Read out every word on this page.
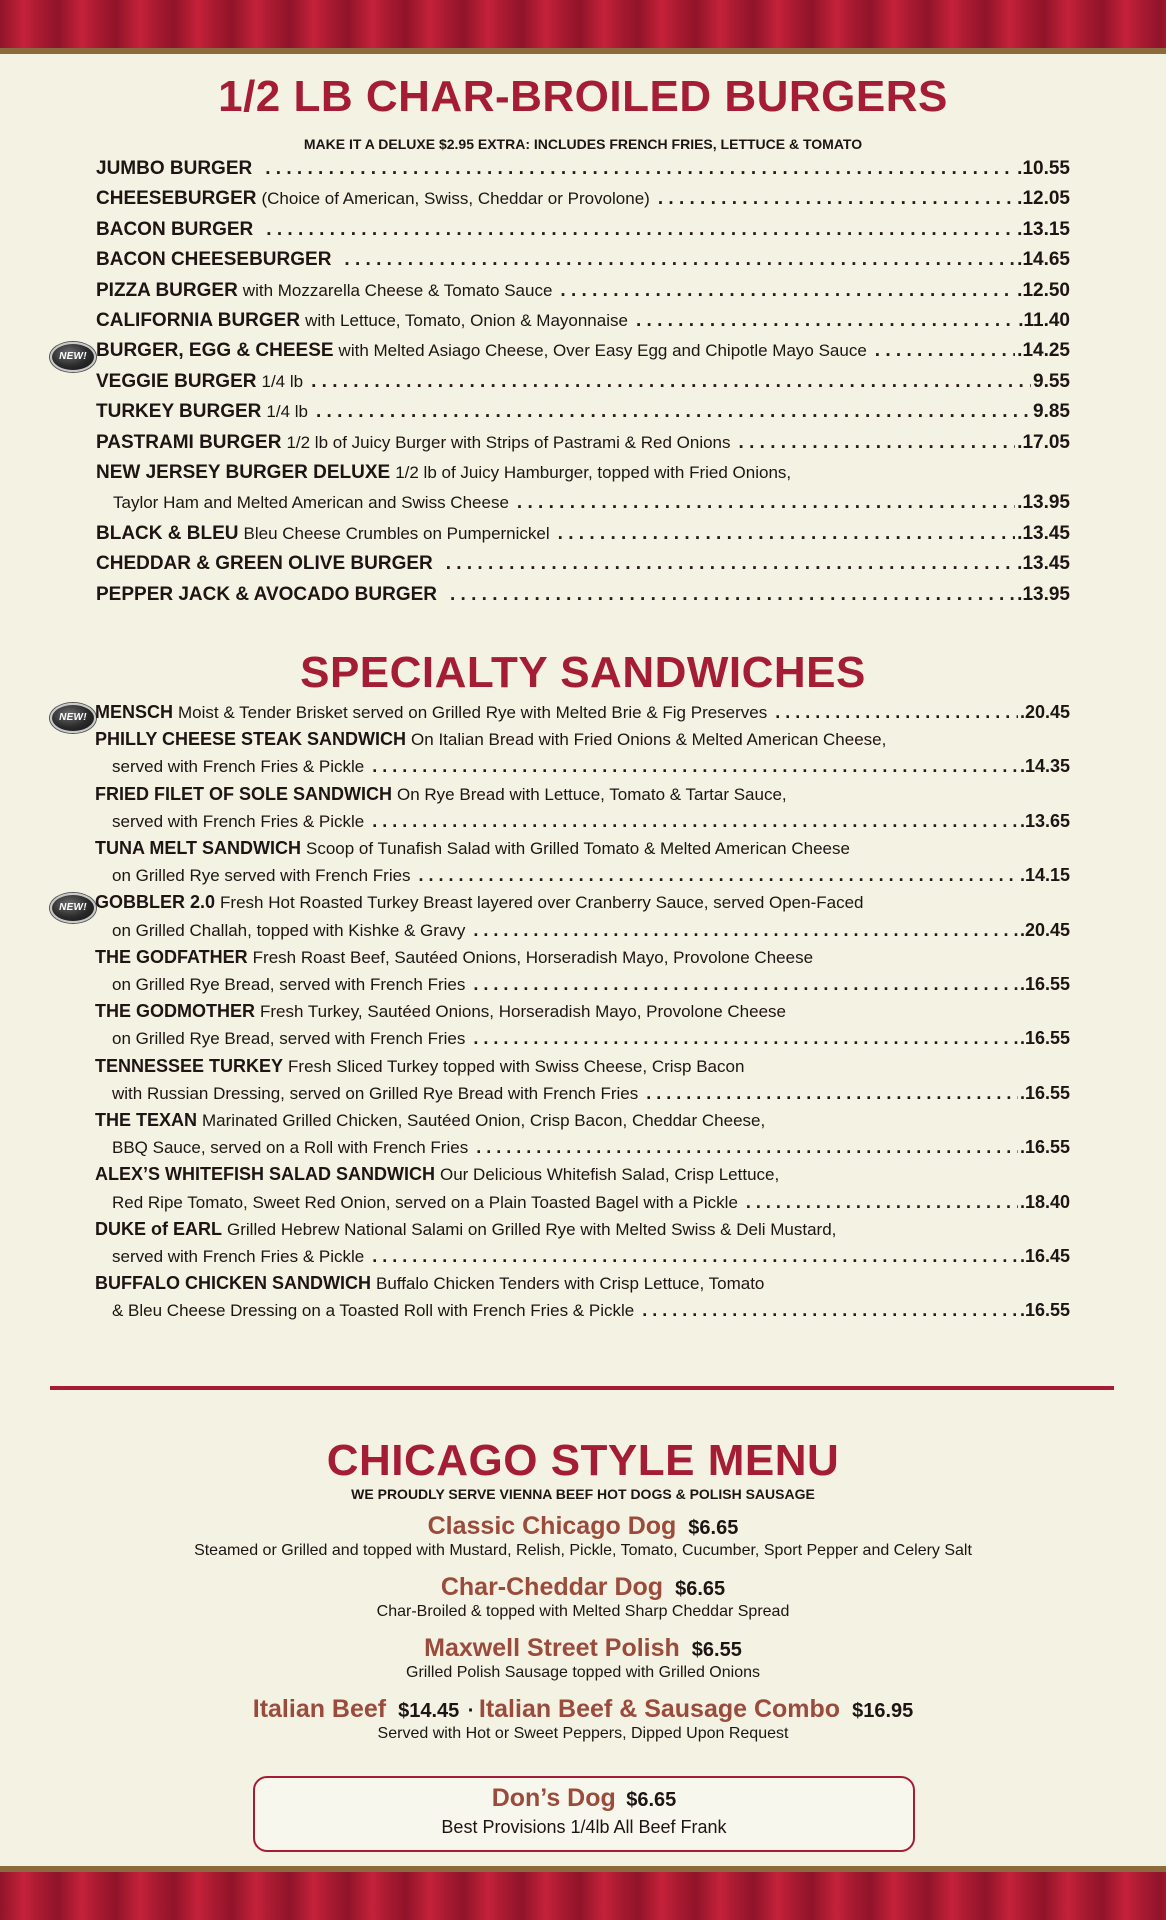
1/2 LB CHAR-BROILED BURGERS
MAKE IT A DELUXE $2.95 EXTRA: INCLUDES FRENCH FRIES, LETTUCE & TOMATO
JUMBO BURGER . . .	.10.55
CHEESEBURGER (Choice of American, Swiss, Cheddar or Provolone) . . .	.12.05
BACON BURGER . . .	.13.15
BACON CHEESEBURGER . . .	.14.65
PIZZA BURGER with Mozzarella Cheese & Tomato Sauce . . .	.12.50
CALIFORNIA BURGER with Lettuce, Tomato, Onion & Mayonnaise . . .	.11.40
NEW! BURGER, EGG & CHEESE with Melted Asiago Cheese, Over Easy Egg and Chipotle Mayo Sauce . . .	.14.25
VEGGIE BURGER 1/4 lb . . .	9.55
TURKEY BURGER 1/4 lb . . .	9.85
PASTRAMI BURGER 1/2 lb of Juicy Burger with Strips of Pastrami & Red Onions . . .	.17.05
NEW JERSEY BURGER DELUXE 1/2 lb of Juicy Hamburger, topped with Fried Onions,
Taylor Ham and Melted American and Swiss Cheese . . .	.13.95
BLACK & BLEU Bleu Cheese Crumbles on Pumpernickel . . .	.13.45
CHEDDAR & GREEN OLIVE BURGER . . .	.13.45
PEPPER JACK & AVOCADO BURGER . . .	.13.95
SPECIALTY SANDWICHES
NEW! MENSCH Moist & Tender Brisket served on Grilled Rye with Melted Brie & Fig Preserves . . .	.20.45
PHILLY CHEESE STEAK SANDWICH On Italian Bread with Fried Onions & Melted American Cheese,
served with French Fries & Pickle . . .	.14.35
FRIED FILET OF SOLE SANDWICH On Rye Bread with Lettuce, Tomato & Tartar Sauce,
served with French Fries & Pickle . . .	.13.65
TUNA MELT SANDWICH Scoop of Tunafish Salad with Grilled Tomato & Melted American Cheese
on Grilled Rye served with French Fries . . .	.14.15
NEW! GOBBLER 2.0 Fresh Hot Roasted Turkey Breast layered over Cranberry Sauce, served Open-Faced
on Grilled Challah, topped with Kishke & Gravy . . .	.20.45
THE GODFATHER Fresh Roast Beef, Sautéed Onions, Horseradish Mayo, Provolone Cheese
on Grilled Rye Bread, served with French Fries . . .	.16.55
THE GODMOTHER Fresh Turkey, Sautéed Onions, Horseradish Mayo, Provolone Cheese
on Grilled Rye Bread, served with French Fries . . .	.16.55
TENNESSEE TURKEY Fresh Sliced Turkey topped with Swiss Cheese, Crisp Bacon
with Russian Dressing, served on Grilled Rye Bread with French Fries . . .	.16.55
THE TEXAN Marinated Grilled Chicken, Sautéed Onion, Crisp Bacon, Cheddar Cheese,
BBQ Sauce, served on a Roll with French Fries . . .	.16.55
ALEX’S WHITEFISH SALAD SANDWICH Our Delicious Whitefish Salad, Crisp Lettuce,
Red Ripe Tomato, Sweet Red Onion, served on a Plain Toasted Bagel with a Pickle . . .	.18.40
DUKE of EARL Grilled Hebrew National Salami on Grilled Rye with Melted Swiss & Deli Mustard,
served with French Fries & Pickle . . .	.16.45
BUFFALO CHICKEN SANDWICH Buffalo Chicken Tenders with Crisp Lettuce, Tomato
& Bleu Cheese Dressing on a Toasted Roll with French Fries & Pickle . . .	.16.55
CHICAGO STYLE MENU
WE PROUDLY SERVE VIENNA BEEF HOT DOGS & POLISH SAUSAGE
Classic Chicago Dog $6.65
Steamed or Grilled and topped with Mustard, Relish, Pickle, Tomato, Cucumber, Sport Pepper and Celery Salt
Char-Cheddar Dog $6.65
Char-Broiled & topped with Melted Sharp Cheddar Spread
Maxwell Street Polish $6.55
Grilled Polish Sausage topped with Grilled Onions
Italian Beef $14.45 · Italian Beef & Sausage Combo $16.95
Served with Hot or Sweet Peppers, Dipped Upon Request
Don’s Dog $6.65
Best Provisions 1/4lb All Beef Frank
